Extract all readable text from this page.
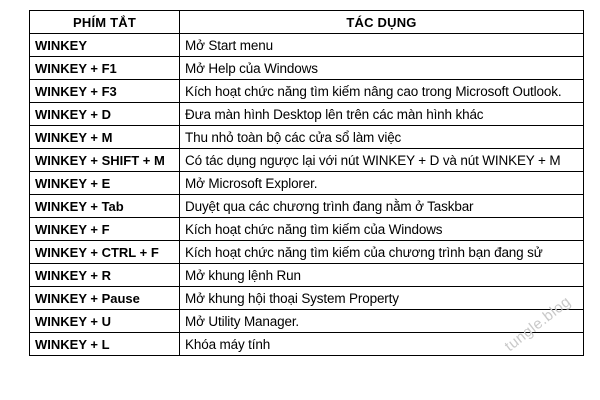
PHÍM TẮT	TÁC DỤNG
WINKEY	Mở Start menu
WINKEY + F1	Mở Help của Windows
WINKEY + F3	Kích hoạt chức năng tìm kiếm nâng cao trong Microsoft Outlook.
WINKEY + D	Đưa màn hình Desktop lên trên các màn hình khác
WINKEY + M	Thu nhỏ toàn bộ các cửa sổ làm việc
WINKEY + SHIFT + M	Có tác dụng ngược lại với nút WINKEY + D và nút WINKEY + M
WINKEY + E	Mở Microsoft Explorer.
WINKEY + Tab	Duyệt qua các chương trình đang nằm ở Taskbar
WINKEY + F	Kích hoạt chức năng tìm kiếm của Windows
WINKEY + CTRL + F	Kích hoạt chức năng tìm kiếm của chương trình bạn đang sử
WINKEY + R	Mở khung lệnh Run
WINKEY + Pause	Mở khung hội thoại System Property
WINKEY + U	Mở Utility Manager.
WINKEY + L	Khóa máy tính	tungle.blog
